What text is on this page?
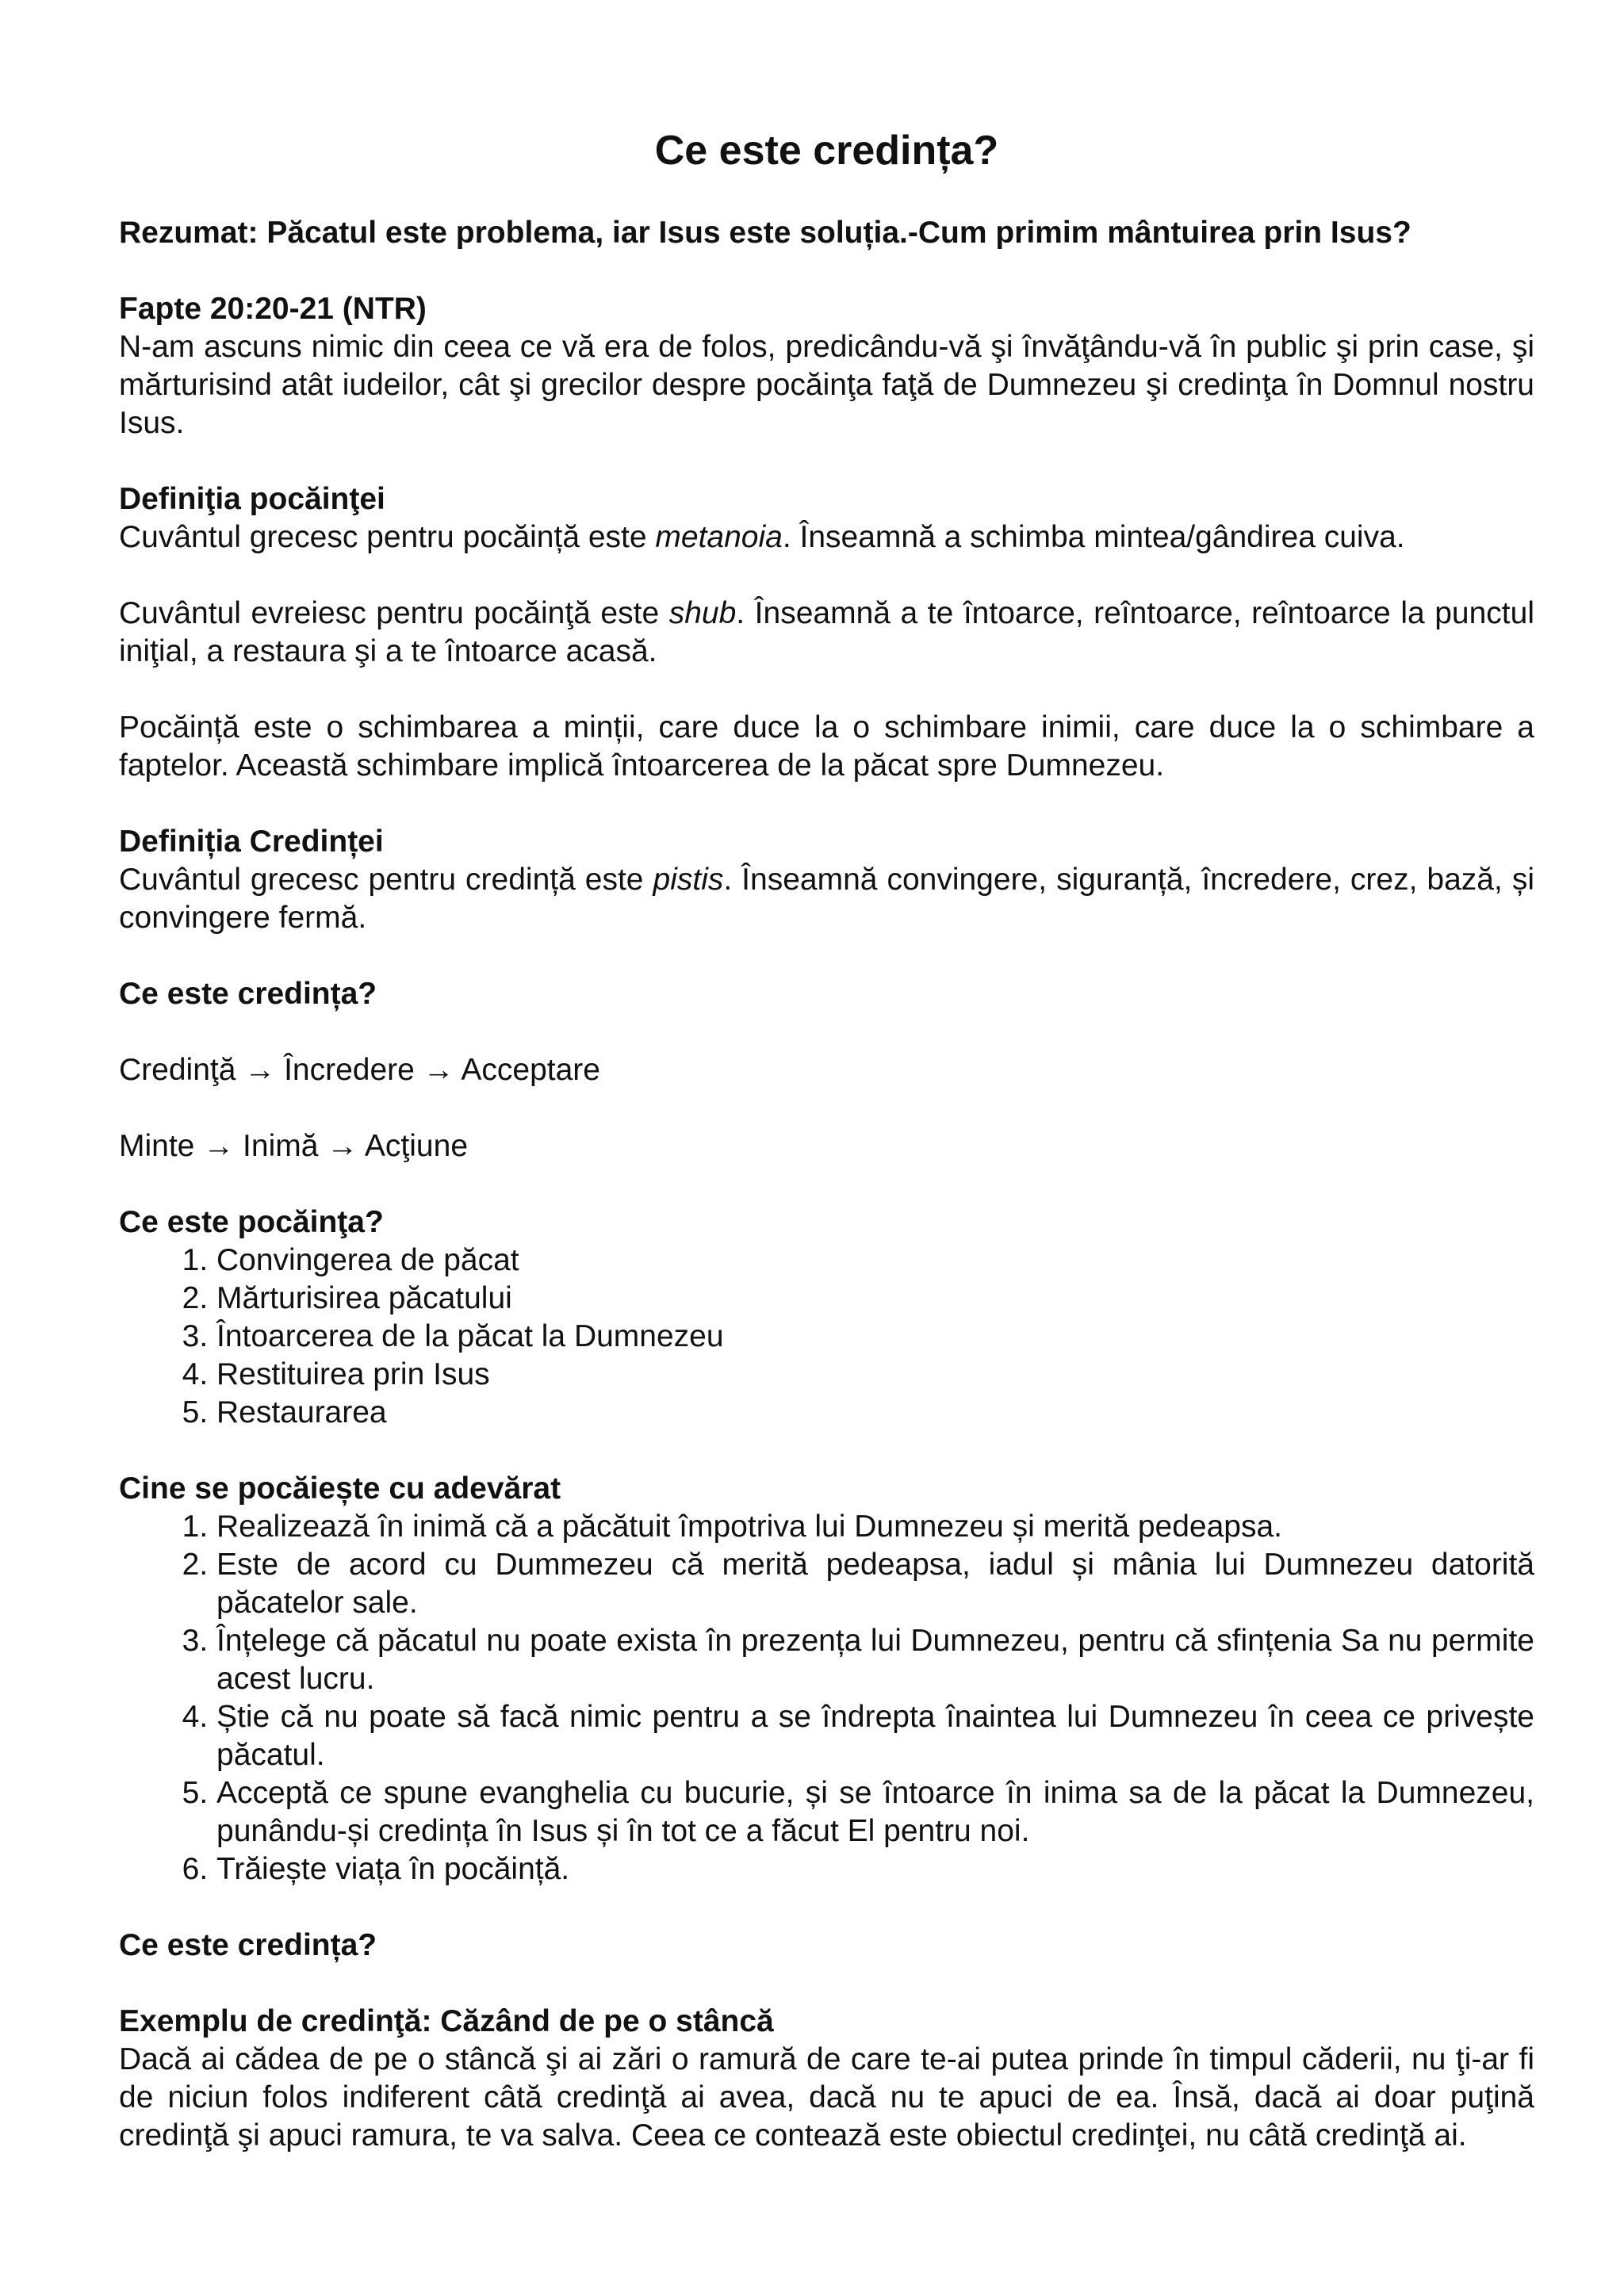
Ce este credința?

Rezumat: Păcatul este problema, iar Isus este soluția.-Cum primim mântuirea prin Isus?

Fapte 20:20-21 (NTR)

N-am ascuns nimic din ceea ce vă era de folos, predicându-vă şi învăţându-vă în public şi prin case, şi mărturisind atât iudeilor, cât şi grecilor despre pocăinţa faţă de Dumnezeu şi credinţa în Domnul nostru Isus.

Definiţia pocăinţei

Cuvântul grecesc pentru pocăință este metanoia. Înseamnă a schimba mintea/gândirea cuiva.

Cuvântul evreiesc pentru pocăinţă este shub. Înseamnă a te întoarce, reîntoarce, reîntoarce la punctul iniţial, a restaura şi a te întoarce acasă.

Pocăință este o schimbarea a minții, care duce la o schimbare inimii, care duce la o schimbare a faptelor. Această schimbare implică întoarcerea de la păcat spre Dumnezeu.

Definiția Credinței

Cuvântul grecesc pentru credință este pistis. Înseamnă convingere, siguranță, încredere, crez, bază, și convingere fermă.

Ce este credința?

Credinţă → Încredere → Acceptare

Minte → Inimă → Acţiune

Ce este pocăinţa?

1. Convingerea de păcat
2. Mărturisirea păcatului
3. Întoarcerea de la păcat la Dumnezeu
4. Restituirea prin Isus
5. Restaurarea

Cine se pocăiește cu adevărat

1. Realizează în inimă că a păcătuit împotriva lui Dumnezeu și merită pedeapsa.
2. Este de acord cu Dummezeu că merită pedeapsa, iadul și mânia lui Dumnezeu datorită păcatelor sale.
3. Înțelege că păcatul nu poate exista în prezența lui Dumnezeu, pentru că sfințenia Sa nu permite acest lucru.
4. Știe că nu poate să facă nimic pentru a se îndrepta înaintea lui Dumnezeu în ceea ce privește păcatul.
5. Acceptă ce spune evanghelia cu bucurie, și se întoarce în inima sa de la păcat la Dumnezeu, punându-și credința în Isus și în tot ce a făcut El pentru noi.
6. Trăiește viața în pocăință.

Ce este credința?

Exemplu de credinţă: Căzând de pe o stâncă

Dacă ai cădea de pe o stâncă şi ai zări o ramură de care te-ai putea prinde în timpul căderii, nu ţi-ar fi de niciun folos indiferent câtă credinţă ai avea, dacă nu te apuci de ea. Însă, dacă ai doar puţină credinţă şi apuci ramura, te va salva. Ceea ce contează este obiectul credinţei, nu câtă credinţă ai.
